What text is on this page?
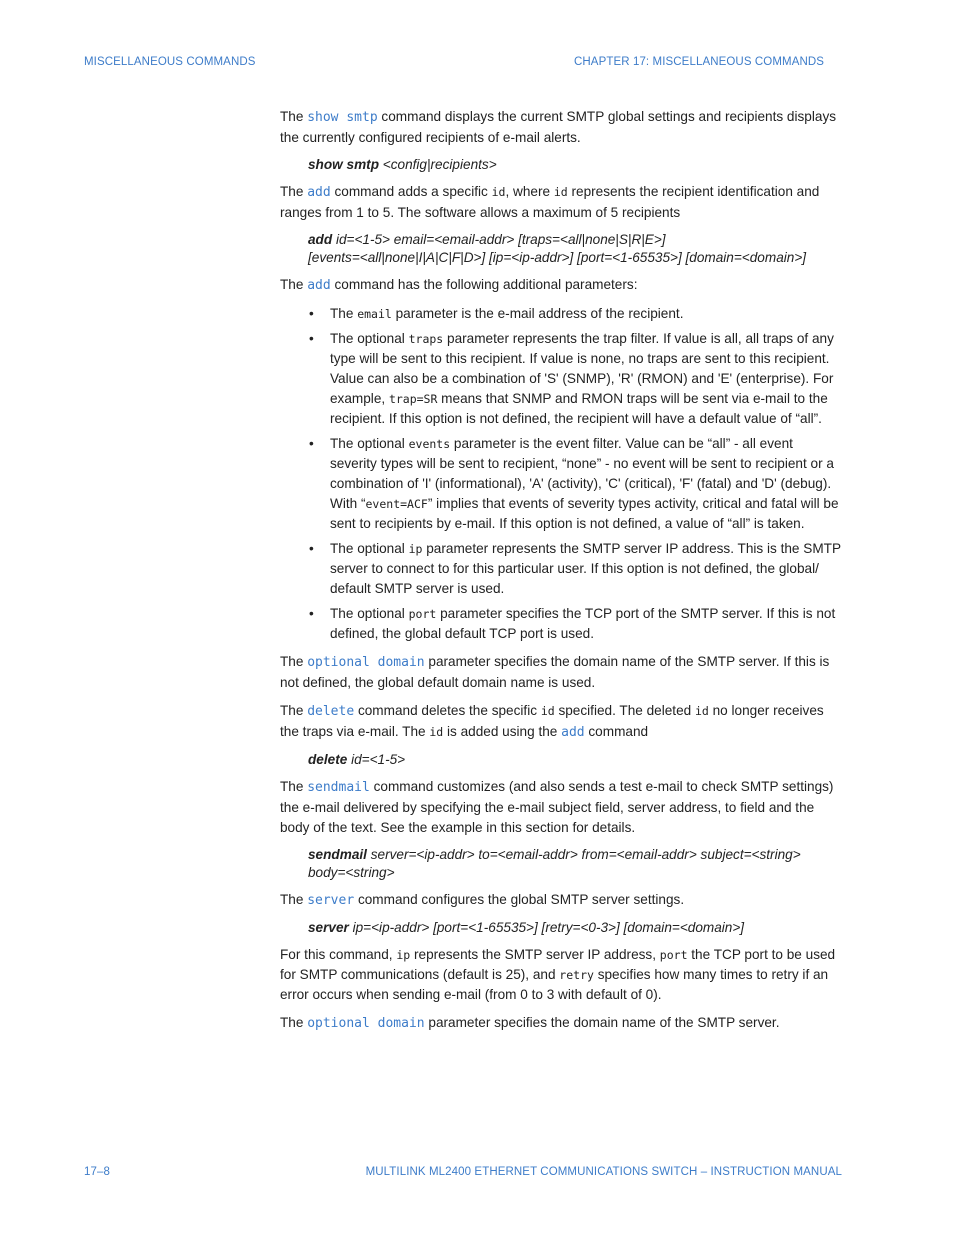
MISCELLANEOUS COMMANDS	CHAPTER 17: MISCELLANEOUS COMMANDS

The show smtp command displays the current SMTP global settings and recipients displays the currently configured recipients of e-mail alerts.

show smtp <config|recipients>

The add command adds a specific id, where id represents the recipient identification and ranges from 1 to 5. The software allows a maximum of 5 recipients

add id=<1-5> email=<email-addr> [traps=<all|none|S|R|E>]
[events=<all|none|I|A|C|F|D>] [ip=<ip-addr>] [port=<1-65535>] [domain=<domain>]

The add command has the following additional parameters:

• The email parameter is the e-mail address of the recipient.
• The optional traps parameter represents the trap filter. If value is all, all traps of any type will be sent to this recipient. If value is none, no traps are sent to this recipient. Value can also be a combination of 'S' (SNMP), 'R' (RMON) and 'E' (enterprise). For example, trap=SR means that SNMP and RMON traps will be sent via e-mail to the recipient. If this option is not defined, the recipient will have a default value of “all”.
• The optional events parameter is the event filter. Value can be “all” - all event severity types will be sent to recipient, “none” - no event will be sent to recipient or a combination of 'I' (informational), 'A' (activity), 'C' (critical), 'F' (fatal) and 'D' (debug). With “event=ACF” implies that events of severity types activity, critical and fatal will be sent to recipients by e-mail. If this option is not defined, a value of “all” is taken.
• The optional ip parameter represents the SMTP server IP address. This is the SMTP server to connect to for this particular user. If this option is not defined, the global/ default SMTP server is used.
• The optional port parameter specifies the TCP port of the SMTP server. If this is not defined, the global default TCP port is used.

The optional domain parameter specifies the domain name of the SMTP server. If this is not defined, the global default domain name is used.

The delete command deletes the specific id specified. The deleted id no longer receives the traps via e-mail. The id is added using the add command

delete id=<1-5>

The sendmail command customizes (and also sends a test e-mail to check SMTP settings) the e-mail delivered by specifying the e-mail subject field, server address, to field and the body of the text. See the example in this section for details.

sendmail server=<ip-addr> to=<email-addr> from=<email-addr> subject=<string>
body=<string>

The server command configures the global SMTP server settings.

server ip=<ip-addr> [port=<1-65535>] [retry=<0-3>] [domain=<domain>]

For this command, ip represents the SMTP server IP address, port the TCP port to be used for SMTP communications (default is 25), and retry specifies how many times to retry if an error occurs when sending e-mail (from 0 to 3 with default of 0).

The optional domain parameter specifies the domain name of the SMTP server.

17–8	MULTILINK ML2400 ETHERNET COMMUNICATIONS SWITCH – INSTRUCTION MANUAL
